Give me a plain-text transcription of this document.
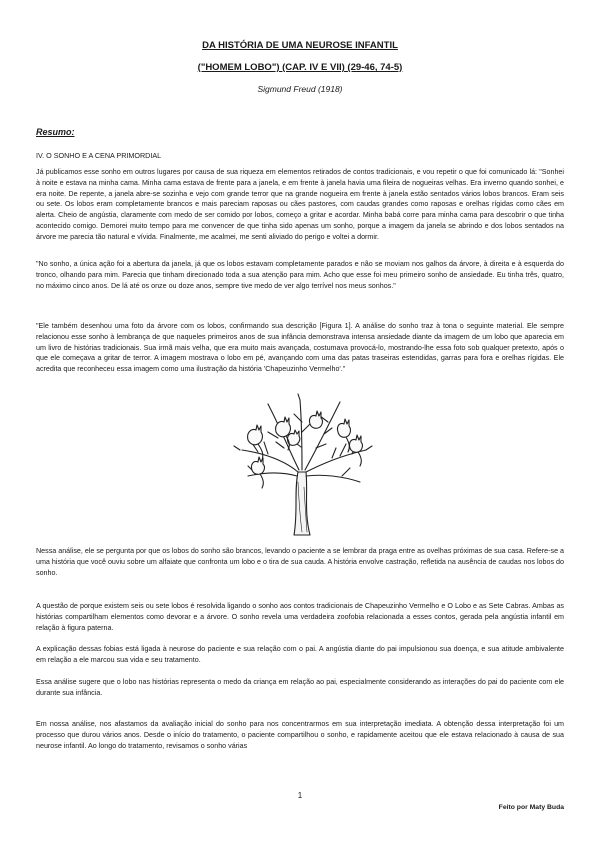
DA HISTÓRIA DE UMA NEUROSE INFANTIL
("HOMEM LOBO") (CAP. IV E VII) (29-46, 74-5)
Sigmund Freud (1918)
Resumo:
IV. O SONHO E A CENA PRIMORDIAL

Já publicamos esse sonho em outros lugares por causa de sua riqueza em elementos retirados de contos tradicionais, e vou repetir o que foi comunicado lá: "Sonhei à noite e estava na minha cama. Minha cama estava de frente para a janela, e em frente à janela havia uma fileira de nogueiras velhas. Era inverno quando sonhei, e era noite. De repente, a janela abre-se sozinha e vejo com grande terror que na grande nogueira em frente à janela estão sentados vários lobos brancos. Eram seis ou sete. Os lobos eram completamente brancos e mais pareciam raposas ou cães pastores, com caudas grandes como raposas e orelhas rígidas como cães em alerta. Cheio de angústia, claramente com medo de ser comido por lobos, começo a gritar e acordar. Minha babá corre para minha cama para descobrir o que tinha acontecido comigo. Demorei muito tempo para me convencer de que tinha sido apenas um sonho, porque a imagem da janela se abrindo e dos lobos sentados na árvore me parecia tão natural e vívida. Finalmente, me acalmei, me senti aliviado do perigo e voltei a dormir.

"No sonho, a única ação foi a abertura da janela, já que os lobos estavam completamente parados e não se moviam nos galhos da árvore, à direita e à esquerda do tronco, olhando para mim. Parecia que tinham direcionado toda a sua atenção para mim. Acho que esse foi meu primeiro sonho de ansiedade. Eu tinha três, quatro, no máximo cinco anos. De lá até os onze ou doze anos, sempre tive medo de ver algo terrível nos meus sonhos."

"Ele também desenhou uma foto da árvore com os lobos, confirmando sua descrição [Figura 1]. A análise do sonho traz à tona o seguinte material. Ele sempre relacionou esse sonho à lembrança de que naqueles primeiros anos de sua infância demonstrava intensa ansiedade diante da imagem de um lobo que aparecia em um livro de histórias tradicionais. Sua irmã mais velha, que era muito mais avançada, costumava provocá-lo, mostrando-lhe essa foto sob qualquer pretexto, após o que ele começava a gritar de terror. A imagem mostrava o lobo em pé, avançando com uma das patas traseiras estendidas, garras para fora e orelhas rígidas. Ele acredita que reconheceu essa imagem como uma ilustração da história 'Chapeuzinho Vermelho'."

Nessa análise, ele se pergunta por que os lobos do sonho são brancos, levando o paciente a se lembrar da praga entre as ovelhas próximas de sua casa. Refere-se a uma história que você ouviu sobre um alfaiate que confronta um lobo e o tira de sua cauda. A história envolve castração, refletida na ausência de caudas nos lobos do sonho.

A questão de porque existem seis ou sete lobos é resolvida ligando o sonho aos contos tradicionais de Chapeuzinho Vermelho e O Lobo e as Sete Cabras. Ambas as histórias compartilham elementos como devorar e a árvore. O sonho revela uma verdadeira zoofobia relacionada a esses contos, gerada pela angústia infantil em relação à figura paterna.

A explicação dessas fobias está ligada à neurose do paciente e sua relação com o pai. A angústia diante do pai impulsionou sua doença, e sua atitude ambivalente em relação a ele marcou sua vida e seu tratamento.

Essa análise sugere que o lobo nas histórias representa o medo da criança em relação ao pai, especialmente considerando as interações do pai do paciente com ele durante sua infância.

Em nossa análise, nos afastamos da avaliação inicial do sonho para nos concentrarmos em sua interpretação imediata. A obtenção dessa interpretação foi um processo que durou vários anos. Desde o início do tratamento, o paciente compartilhou o sonho, e rapidamente aceitou que ele estava relacionado à causa de sua neurose infantil. Ao longo do tratamento, revisamos o sonho várias

1
Feito por Maty Buda
